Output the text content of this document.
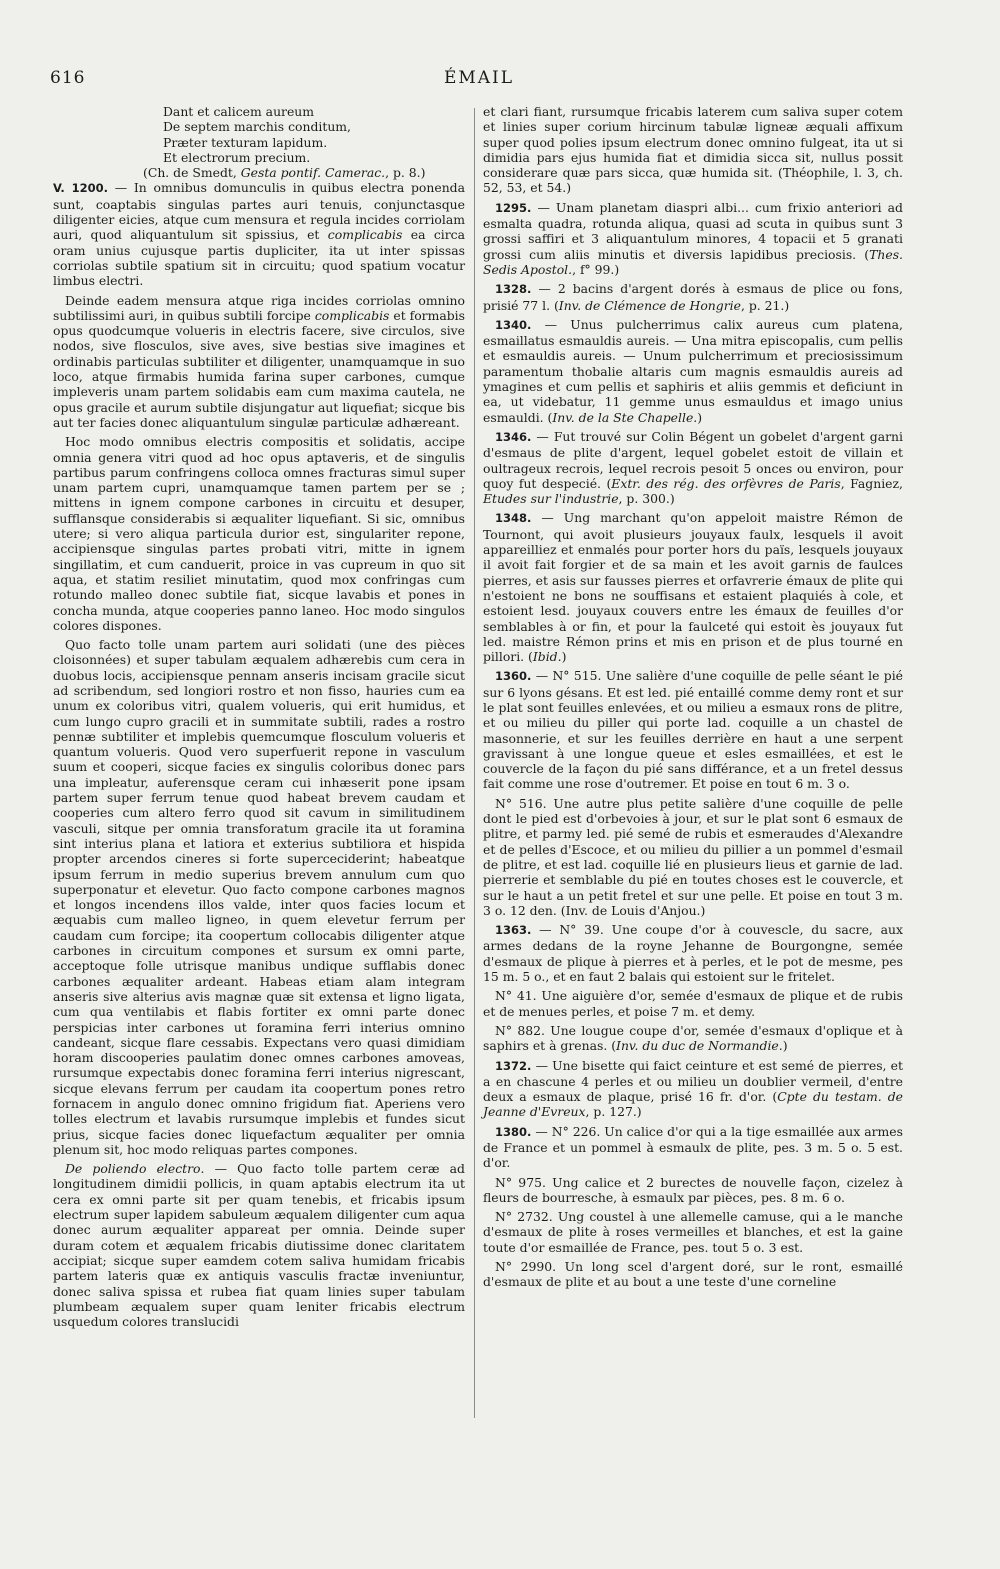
616	ÉMAIL
Dant et calicem aureum
De septem marchis conditum,
Præter texturam lapidum.
Et electrorum precium.
(Ch. de Smedt, Gesta pontif. Camerac., p. 8.)

V. 1200. — In omnibus domunculis in quibus electra ponenda sunt, coaptabis singulas partes auri tenuis, conjunctasque diligenter eicies, atque cum mensura et regula incides corriolam auri, quod aliquantulum sit spissius, et complicabis ea circa oram unius cujusque partis dupliciter, ita ut inter spissas corriolas subtile spatium sit in circuitu; quod spatium vocatur limbus electri.

Deinde eadem mensura atque riga incides corriolas omnino subtilissimi auri, in quibus subtili forcipe complicabis et formabis opus quodcumque volueris in electris facere, sive circulos, sive nodos, sive flosculos, sive aves, sive bestias sive imagines et ordinabis particulas subtiliter et diligenter, unamquamque in suo loco, atque firmabis humida farina super carbones, cumque impleveris unam partem solidabis eam cum maxima cautela, ne opus gracile et aurum subtile disjungatur aut liquefiat; sicque bis aut ter facies donec aliquantulum singulæ particulæ adhæreant.

Hoc modo omnibus electris compositis et solidatis, accipe omnia genera vitri quod ad hoc opus aptaveris, et de singulis partibus parum confringens colloca omnes fracturas simul super unam partem cupri, unamquamque tamen partem per se ; mittens in ignem compone carbones in circuitu et desuper, sufflansque considerabis si æqualiter liquefiant. Si sic, omnibus utere; si vero aliqua particula durior est, singulariter repone, accipiensque singulas partes probati vitri, mitte in ignem singillatim, et cum canduerit, proice in vas cupreum in quo sit aqua, et statim resiliet minutatim, quod mox confringas cum rotundo malleo donec subtile fiat, sicque lavabis et pones in concha munda, atque cooperies panno laneo. Hoc modo singulos colores dispones.

Quo facto tolle unam partem auri solidati (une des pièces cloisonnées) et super tabulam æqualem adhærebis cum cera in duobus locis, accipiensque pennam anseris incisam gracile sicut ad scribendum, sed longiori rostro et non fisso, hauries cum ea unum ex coloribus vitri, qualem volueris, qui erit humidus, et cum lungo cupro gracili et in summitate subtili, rades a rostro pennæ subtiliter et implebis quemcumque flosculum volueris et quantum volueris. Quod vero superfuerit repone in vasculum suum et cooperi, sicque facies ex singulis coloribus donec pars una impleatur, auferensque ceram cui inhæserit pone ipsam partem super ferrum tenue quod habeat brevem caudam et cooperies cum altero ferro quod sit cavum in similitudinem vasculi, sitque per omnia transforatum gracile ita ut foramina sint interius plana et latiora et exterius subtiliora et hispida propter arcendos cineres si forte superceciderint; habeatque ipsum ferrum in medio superius brevem annulum cum quo superponatur et elevetur. Quo facto compone carbones magnos et longos incendens illos valde, inter quos facies locum et æquabis cum malleo ligneo, in quem elevetur ferrum per caudam cum forcipe; ita coopertum collocabis diligenter atque carbones in circuitum compones et sursum ex omni parte, acceptoque folle utrisque manibus undique sufflabis donec carbones æqualiter ardeant. Habeas etiam alam integram anseris sive alterius avis magnæ quæ sit extensa et ligno ligata, cum qua ventilabis et flabis fortiter ex omni parte donec perspicias inter carbones ut foramina ferri interius omnino candeant, sicque flare cessabis. Expectans vero quasi dimidiam horam discooperies paulatim donec omnes carbones amoveas, rursumque expectabis donec foramina ferri interius nigrescant, sicque elevans ferrum per caudam ita coopertum pones retro fornacem in angulo donec omnino frigidum fiat. Aperiens vero tolles electrum et lavabis rursumque implebis et fundes sicut prius, sicque facies donec liquefactum æqualiter per omnia plenum sit, hoc modo reliquas partes compones.

De poliendo electro. — Quo facto tolle partem ceræ ad longitudinem dimidii pollicis, in quam aptabis electrum ita ut cera ex omni parte sit per quam tenebis, et fricabis ipsum electrum super lapidem sabuleum æqualem diligenter cum aqua donec aurum æqualiter appareat per omnia. Deinde super duram cotem et æqualem fricabis diutissime donec claritatem accipiat; sicque super eamdem cotem saliva humidam fricabis partem lateris quæ ex antiquis vasculis fractæ inveniuntur, donec saliva spissa et rubea fiat quam linies super tabulam plumbeam æqualem super quam leniter fricabis electrum usquedum colores translucidi

et clari fiant, rursumque fricabis laterem cum saliva super cotem et linies super corium hircinum tabulæ ligneæ æquali affixum super quod polies ipsum electrum donec omnino fulgeat, ita ut si dimidia pars ejus humida fiat et dimidia sicca sit, nullus possit considerare quæ pars sicca, quæ humida sit. (Théophile, l. 3, ch. 52, 53, et 54.)

1295. — Unam planetam diaspri albi... cum frixio anteriori ad esmalta quadra, rotunda aliqua, quasi ad scuta in quibus sunt 3 grossi saffiri et 3 aliquantulum minores, 4 topacii et 5 granati grossi cum aliis minutis et diversis lapidibus preciosis. (Thes. Sedis Apostol., f° 99.)

1328. — 2 bacins d'argent dorés à esmaus de plice ou fons, prisié 77 l. (Inv. de Clémence de Hongrie, p. 21.)

1340. — Unus pulcherrimus calix aureus cum platena, esmaillatus esmauldis aureis. — Una mitra episcopalis, cum pellis et esmauldis aureis. — Unum pulcherrimum et preciosissimum paramentum thobalie altaris cum magnis esmauldis aureis ad ymagines et cum pellis et saphiris et aliis gemmis et deficiunt in ea, ut videbatur, 11 gemme unus esmauldus et imago unius esmauldi. (Inv. de la Ste Chapelle.)

1346. — Fut trouvé sur Colin Bégent un gobelet d'argent garni d'esmaus de plite d'argent, lequel gobelet estoit de villain et oultrageux recrois, lequel recrois pesoit 5 onces ou environ, pour quoy fut despecié. (Extr. des rég. des orfèvres de Paris, Fagniez, Etudes sur l'industrie, p. 300.)

1348. — Ung marchant qu'on appeloit maistre Rémon de Tournont, qui avoit plusieurs jouyaux faulx, lesquels il avoit appareilliez et enmalés pour porter hors du païs, lesquels jouyaux il avoit fait forgier et de sa main et les avoit garnis de faulces pierres, et asis sur fausses pierres et orfavrerie émaux de plite qui n'estoient ne bons ne souffisans et estaient plaquiés à cole, et estoient lesd. jouyaux couvers entre les émaux de feuilles d'or semblables à or fin, et pour la faulceté qui estoit ès jouyaux fut led. maistre Rémon prins et mis en prison et de plus tourné en pillori. (Ibid.)

1360. — N° 515. Une salière d'une coquille de pelle séant le pié sur 6 lyons gésans. Et est led. pié entaillé comme demy ront et sur le plat sont feuilles enlevées, et ou milieu a esmaux rons de plitre, et ou milieu du piller qui porte lad. coquille a un chastel de masonnerie, et sur les feuilles derrière en haut a une serpent gravissant à une longue queue et esles esmaillées, et est le couvercle de la façon du pié sans différance, et a un fretel dessus fait comme une rose d'outremer. Et poise en tout 6 m. 3 o.

N° 516. Une autre plus petite salière d'une coquille de pelle dont le pied est d'orbevoies à jour, et sur le plat sont 6 esmaux de plitre, et parmy led. pié semé de rubis et esmeraudes d'Alexandre et de pelles d'Escoce, et ou milieu du pillier a un pommel d'esmail de plitre, et est lad. coquille lié en plusieurs lieus et garnie de lad. pierrerie et semblable du pié en toutes choses est le couvercle, et sur le haut a un petit fretel et sur une pelle. Et poise en tout 3 m. 3 o. 12 den. (Inv. de Louis d'Anjou.)

1363. — N° 39. Une coupe d'or à couvescle, du sacre, aux armes dedans de la royne Jehanne de Bourgongne, semée d'esmaux de plique à pierres et à perles, et le pot de mesme, pes 15 m. 5 o., et en faut 2 balais qui estoient sur le fritelet.

N° 41. Une aiguière d'or, semée d'esmaux de plique et de rubis et de menues perles, et poise 7 m. et demy.

N° 882. Une lougue coupe d'or, semée d'esmaux d'oplique et à saphirs et à grenas. (Inv. du duc de Normandie.)

1372. — Une bisette qui faict ceinture et est semé de pierres, et a en chascune 4 perles et ou milieu un doublier vermeil, d'entre deux a esmaux de plaque, prisé 16 fr. d'or. (Cpte du testam. de Jeanne d'Evreux, p. 127.)

1380. — N° 226. Un calice d'or qui a la tige esmaillée aux armes de France et un pommel à esmaulx de plite, pes. 3 m. 5 o. 5 est. d'or.

N° 975. Ung calice et 2 burectes de nouvelle façon, cizelez à fleurs de bourresche, à esmaulx par pièces, pes. 8 m. 6 o.

N° 2732. Ung coustel à une allemelle camuse, qui a le manche d'esmaux de plite à roses vermeilles et blanches, et est la gaine toute d'or esmaillée de France, pes. tout 5 o. 3 est.

N° 2990. Un long scel d'argent doré, sur le ront, esmaillé d'esmaux de plite et au bout a une teste d'une corneline
